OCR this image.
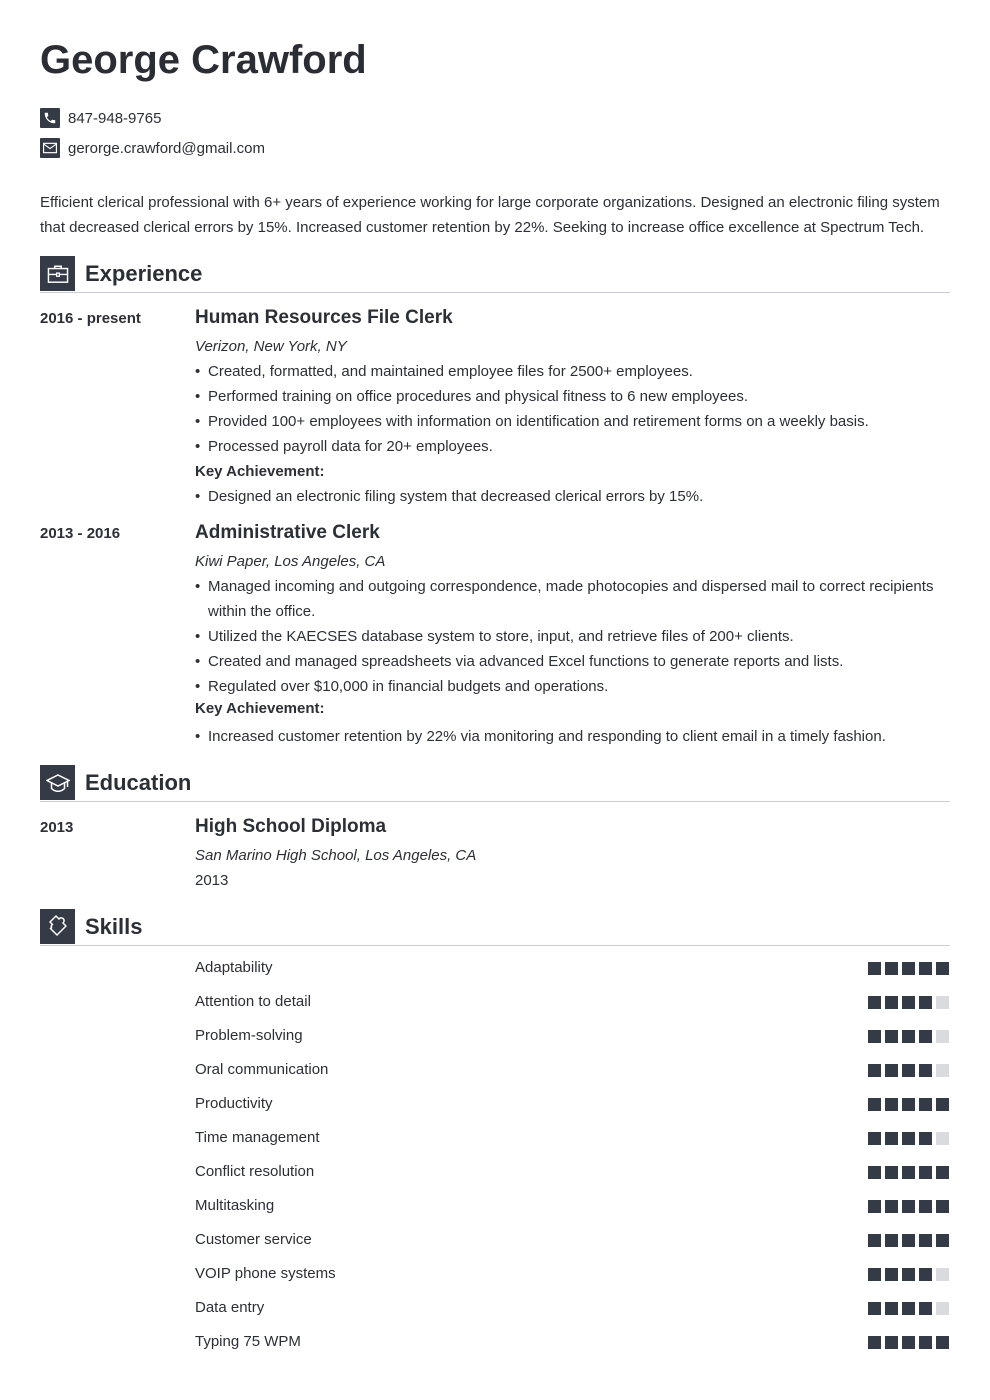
George Crawford
847-948-9765
gerorge.crawford@gmail.com

Efficient clerical professional with 6+ years of experience working for large corporate organizations. Designed an electronic filing system that decreased clerical errors by 15%. Increased customer retention by 22%. Seeking to increase office excellence at Spectrum Tech.

Experience
2016 - present	Human Resources File Clerk
Verizon, New York, NY
• Created, formatted, and maintained employee files for 2500+ employees.
• Performed training on office procedures and physical fitness to 6 new employees.
• Provided 100+ employees with information on identification and retirement forms on a weekly basis.
• Processed payroll data for 20+ employees.
Key Achievement:
• Designed an electronic filing system that decreased clerical errors by 15%.
2013 - 2016	Administrative Clerk
Kiwi Paper, Los Angeles, CA
• Managed incoming and outgoing correspondence, made photocopies and dispersed mail to correct recipients within the office.
• Utilized the KAECSES database system to store, input, and retrieve files of 200+ clients.
• Created and managed spreadsheets via advanced Excel functions to generate reports and lists.
• Regulated over $10,000 in financial budgets and operations.
Key Achievement:
• Increased customer retention by 22% via monitoring and responding to client email in a timely fashion.
Education
2013	High School Diploma
San Marino High School, Los Angeles, CA
2013
Skills
Adaptability
Attention to detail
Problem-solving
Oral communication
Productivity
Time management
Conflict resolution
Multitasking
Customer service
VOIP phone systems
Data entry
Typing 75 WPM
